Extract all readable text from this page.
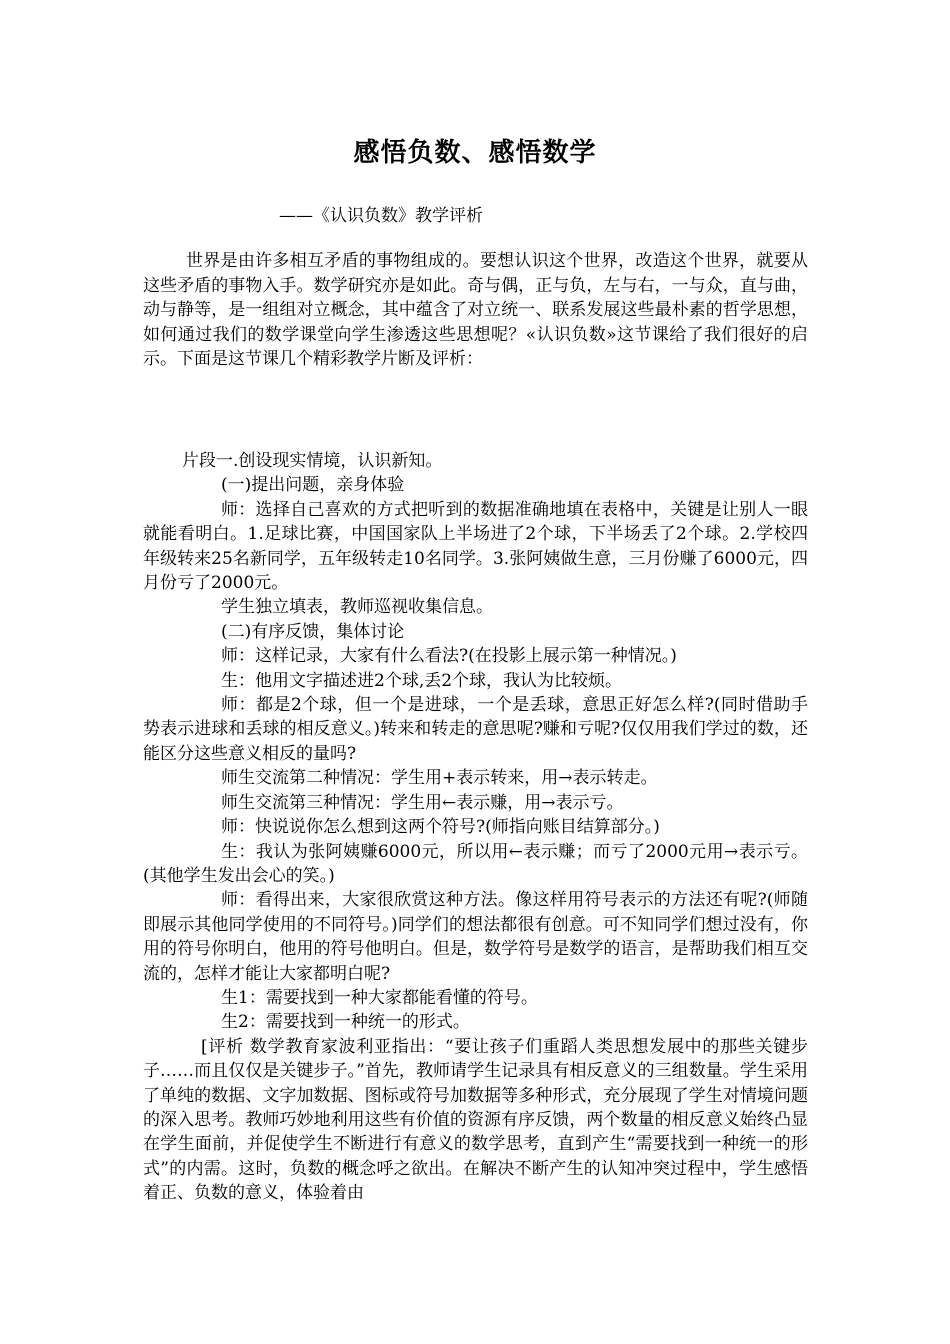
感悟负数、感悟数学
——《认识负数》教学评析

世界是由许多相互矛盾的事物组成的。要想认识这个世界，改造这个世界，就要从这些矛盾的事物入手。数学研究亦是如此。奇与偶，正与负，左与右，一与众，直与曲，动与静等，是一组组对立概念，其中蕴含了对立统一、联系发展这些最朴素的哲学思想，如何通过我们的数学课堂向学生渗透这些思想呢？«认识负数»这节课给了我们很好的启示。下面是这节课几个精彩教学片断及评析：

片段一.创设现实情境，认识新知。

(一)提出问题，亲身体验

师：选择自己喜欢的方式把听到的数据准确地填在表格中，关键是让别人一眼就能看明白。1.足球比赛，中国国家队上半场进了2个球，下半场丢了2个球。2.学校四年级转来25名新同学，五年级转走10名同学。3.张阿姨做生意，三月份赚了6000元，四月份亏了2000元。

学生独立填表，教师巡视收集信息。

(二)有序反馈，集体讨论

师：这样记录，大家有什么看法?(在投影上展示第一种情况。)

生：他用文字描述进2个球,丢2个球，我认为比较烦。

师：都是2个球，但一个是进球，一个是丢球，意思正好怎么样?(同时借助手势表示进球和丢球的相反意义。)转来和转走的意思呢?赚和亏呢?仅仅用我们学过的数，还能区分这些意义相反的量吗?

师生交流第二种情况：学生用+表示转来，用→表示转走。

师生交流第三种情况：学生用←表示赚，用→表示亏。

师：快说说你怎么想到这两个符号?(师指向账目结算部分。)

生：我认为张阿姨赚6000元，所以用←表示赚；而亏了2000元用→表示亏。(其他学生发出会心的笑。)

师：看得出来，大家很欣赏这种方法。像这样用符号表示的方法还有呢?(师随即展示其他同学使用的不同符号。)同学们的想法都很有创意。可不知同学们想过没有，你用的符号你明白，他用的符号他明白。但是，数学符号是数学的语言，是帮助我们相互交流的，怎样才能让大家都明白呢?

生1：需要找到一种大家都能看懂的符号。

生2：需要找到一种统一的形式。

[评析 数学教育家波利亚指出：“要让孩子们重蹈人类思想发展中的那些关键步子……而且仅仅是关键步子。”首先，教师请学生记录具有相反意义的三组数量。学生采用了单纯的数据、文字加数据、图标或符号加数据等多种形式，充分展现了学生对情境问题的深入思考。教师巧妙地利用这些有价值的资源有序反馈，两个数量的相反意义始终凸显在学生面前，并促使学生不断进行有意义的数学思考，直到产生“需要找到一种统一的形式”的内需。这时，负数的概念呼之欲出。在解决不断产生的认知冲突过程中，学生感悟着正、负数的意义，体验着由
